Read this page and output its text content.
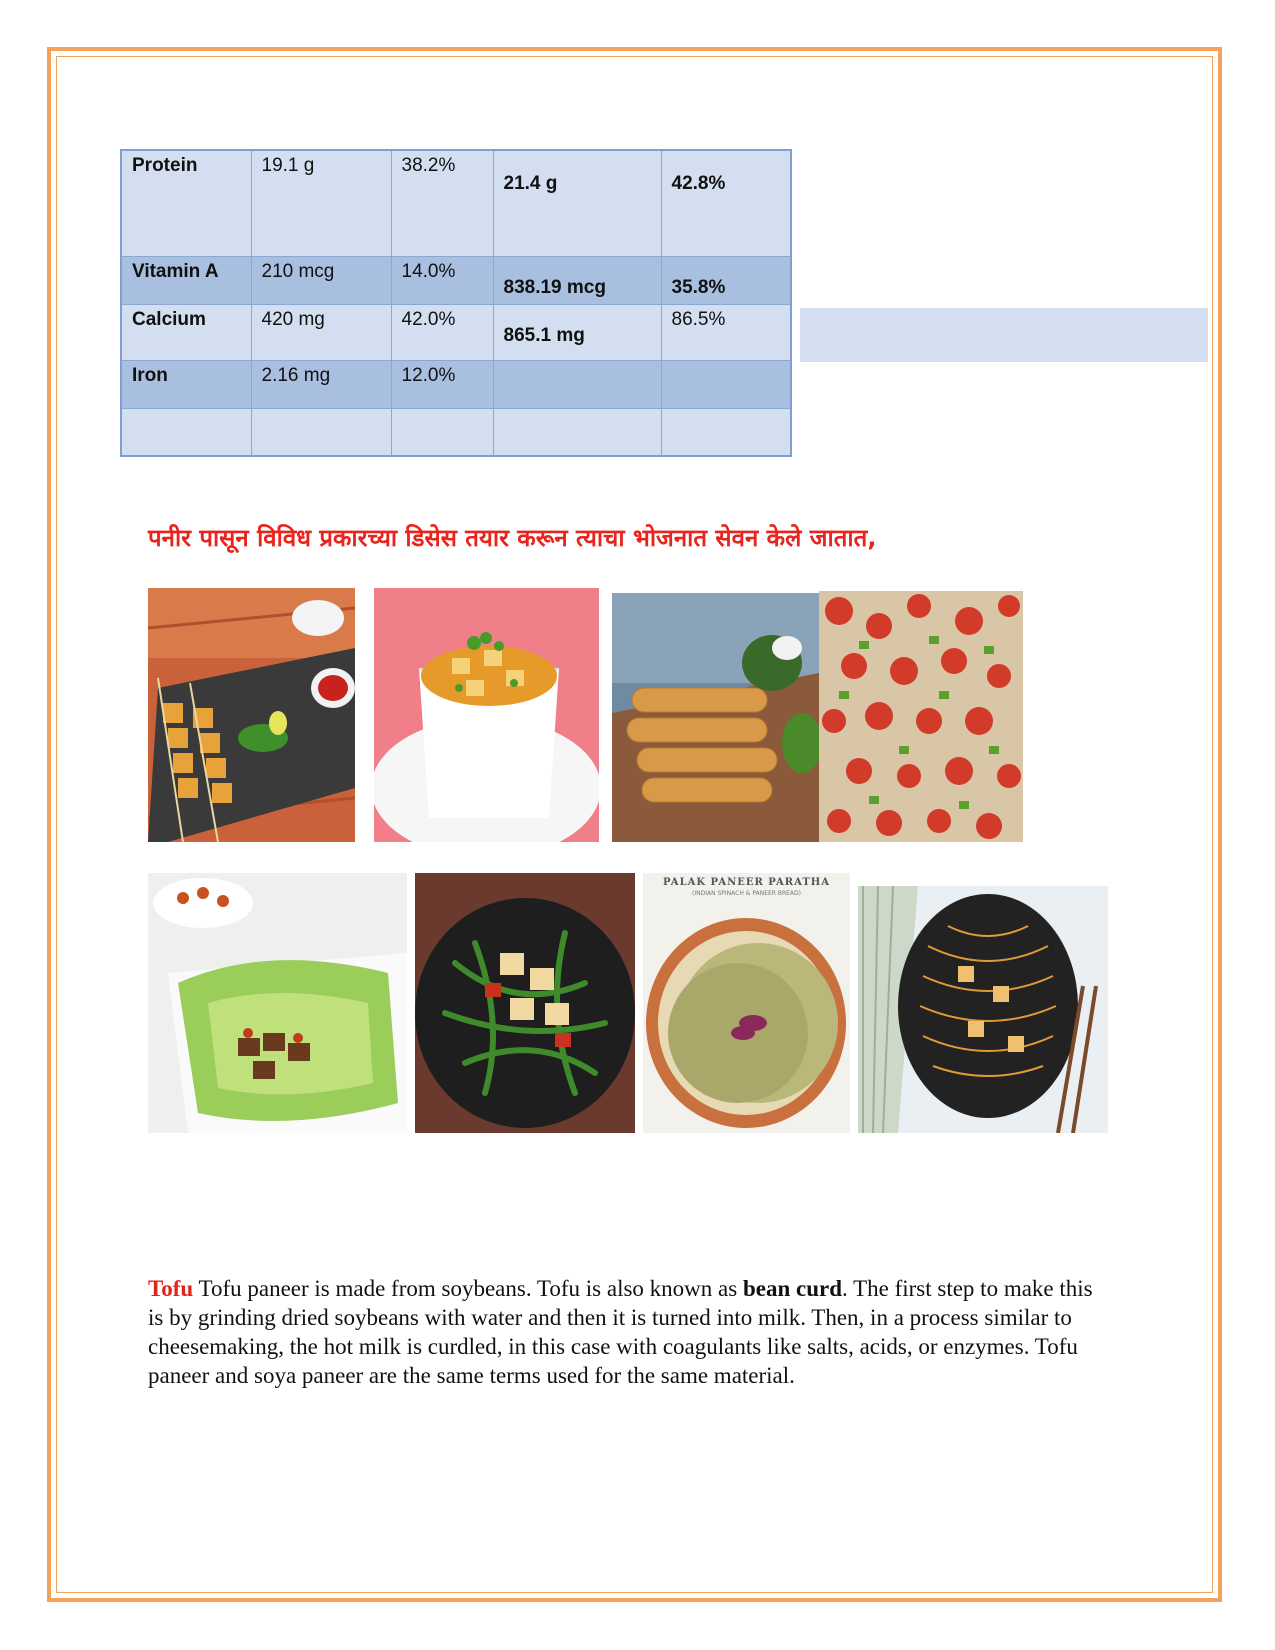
Protein	19.1 g	38.2%	21.4 g	42.8%
Vitamin A	210 mcg	14.0%	838.19 mcg	35.8%
Calcium	420 mg	42.0%	865.1 mg	86.5%
Iron	2.16 mg	12.0%		

पनीर पासून विविध प्रकारच्या डिसेस तयार करून त्याचा भोजनात सेवन केले जातात,
PALAK PANEER PARATHA
(INDIAN SPINACH & PANEER BREAD)

Tofu Tofu paneer is made from soybeans. Tofu is also known as bean curd. The first step to make this is by grinding dried soybeans with water and then it is turned into milk. Then, in a process similar to cheesemaking, the hot milk is curdled, in this case with coagulants like salts, acids, or enzymes. Tofu paneer and soya paneer are the same terms used for the same material.
